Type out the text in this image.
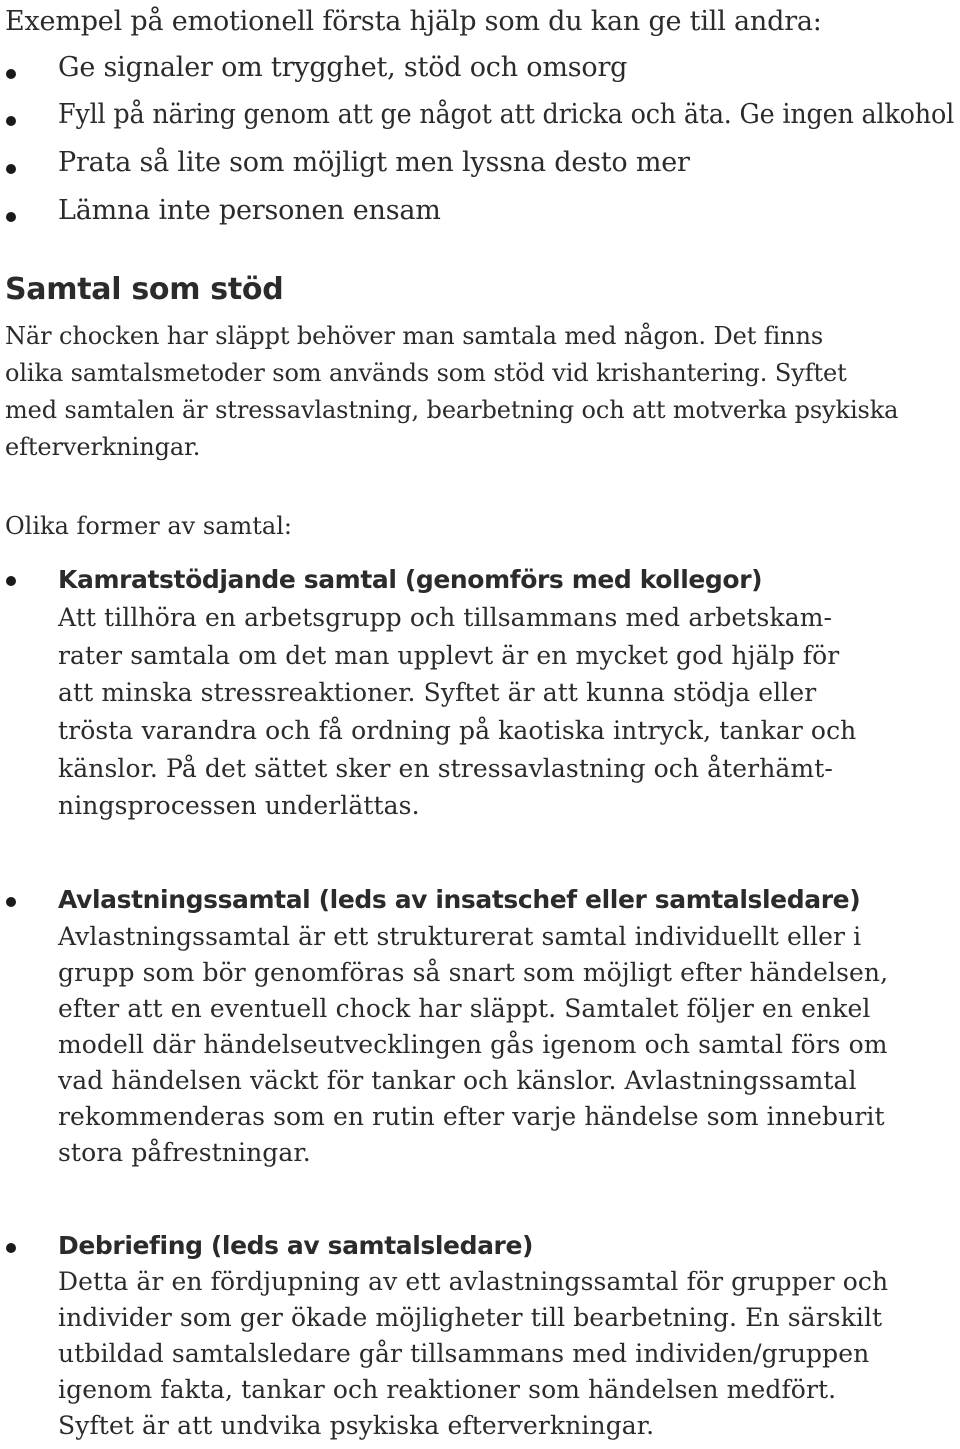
Exempel på emotionell första hjälp som du kan ge till andra:
Ge signaler om trygghet, stöd och omsorg
Fyll på näring genom att ge något att dricka och äta. Ge ingen alkohol
Prata så lite som möjligt men lyssna desto mer
Lämna inte personen ensam
Samtal som stöd
När chocken har släppt behöver man samtala med någon. Det finns
olika samtalsmetoder som används som stöd vid krishantering. Syftet
med samtalen är stressavlastning, bearbetning och att motverka psykiska
efterverkningar.
Olika former av samtal:
Kamratstödjande samtal (genomförs med kollegor)
Att tillhöra en arbetsgrupp och tillsammans med arbetskam-
rater samtala om det man upplevt är en mycket god hjälp för
att minska stressreaktioner. Syftet är att kunna stödja eller
trösta varandra och få ordning på kaotiska intryck, tankar och
känslor. På det sättet sker en stressavlastning och återhämt-
ningsprocessen underlättas.
Avlastningssamtal (leds av insatschef eller samtalsledare)
Avlastningssamtal är ett strukturerat samtal individuellt eller i
grupp som bör genomföras så snart som möjligt efter händelsen,
efter att en eventuell chock har släppt. Samtalet följer en enkel
modell där händelseutvecklingen gås igenom och samtal förs om
vad händelsen väckt för tankar och känslor. Avlastningssamtal
rekommenderas som en rutin efter varje händelse som inneburit
stora påfrestningar.
Debriefing (leds av samtalsledare)
Detta är en fördjupning av ett avlastningssamtal för grupper och
individer som ger ökade möjligheter till bearbetning. En särskilt
utbildad samtalsledare går tillsammans med individen/gruppen
igenom fakta, tankar och reaktioner som händelsen medfört.
Syftet är att undvika psykiska efterverkningar.
